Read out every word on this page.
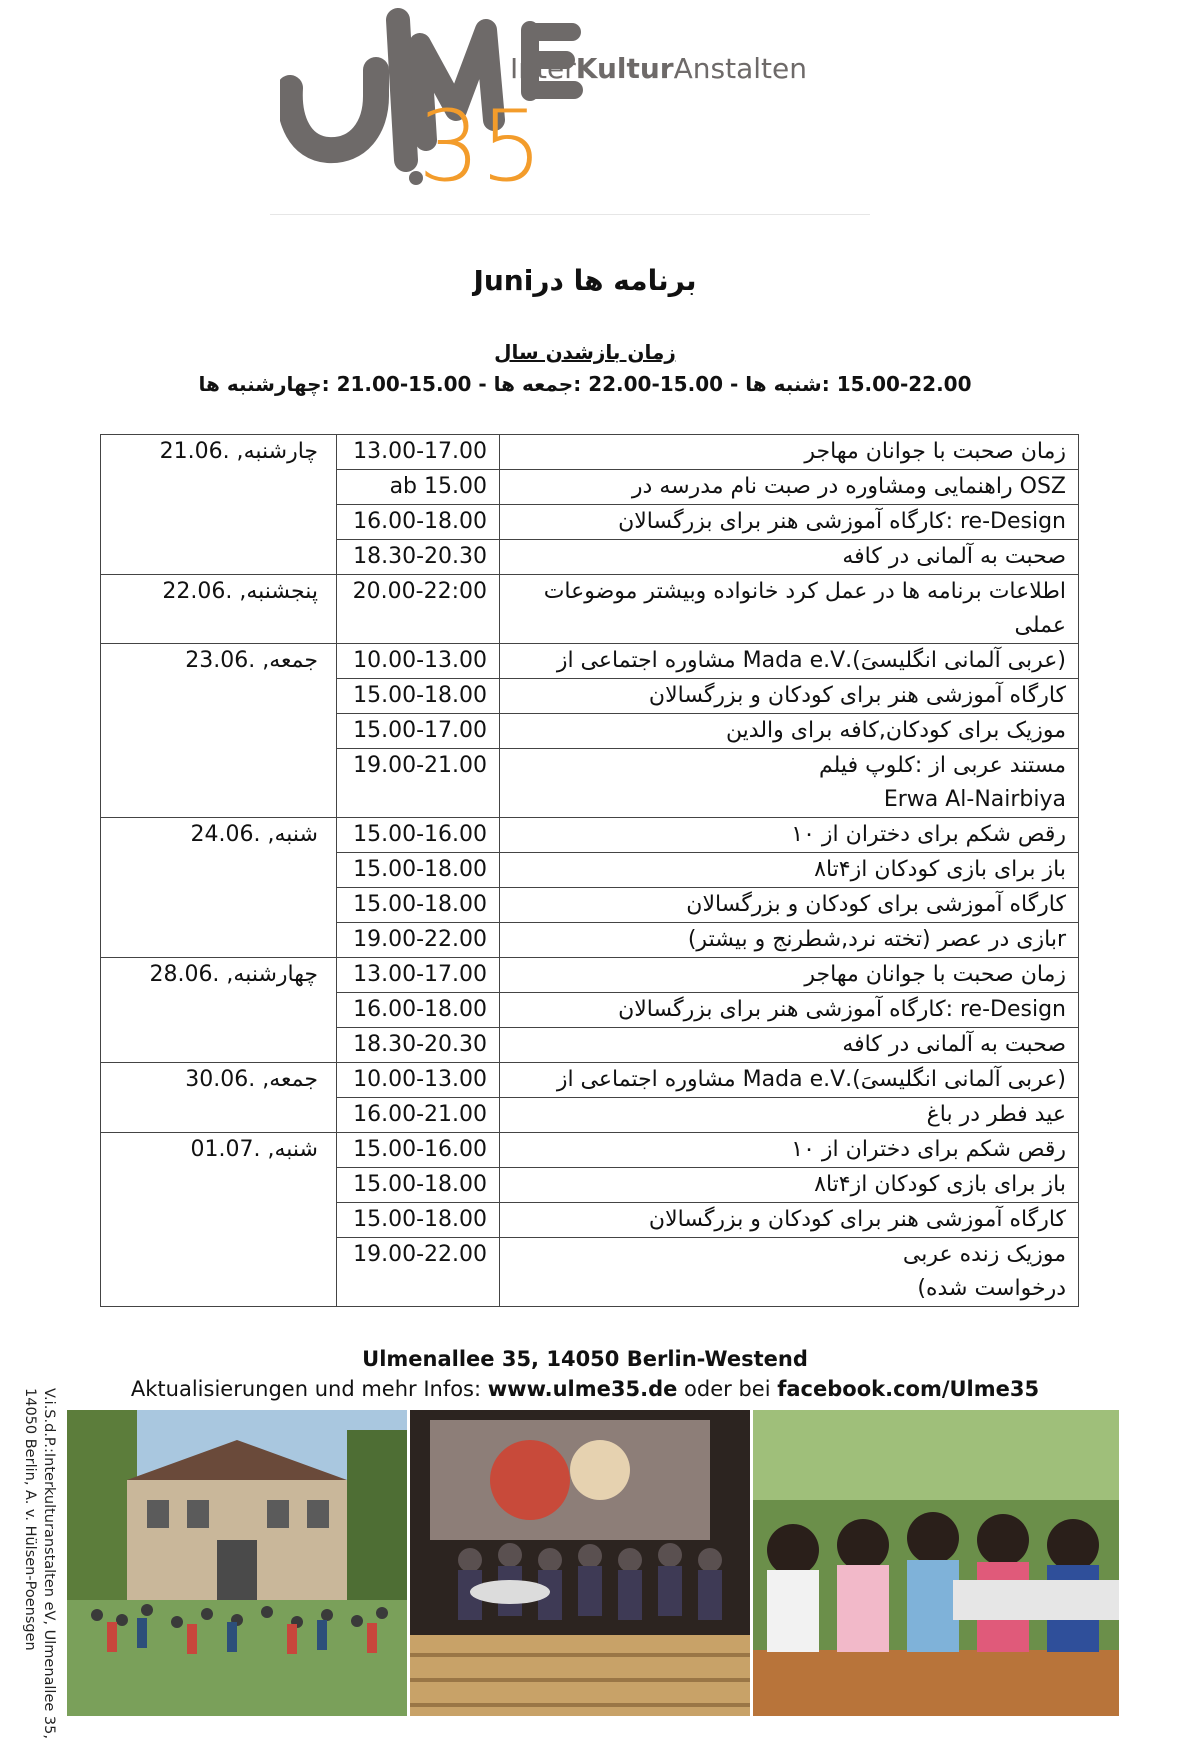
35
InterKulturAnstalten
برنامه ها درJuni
زمان بازشدن سال
15.00-22.00 :شنبه ها - 15.00-22.00 :جمعه ها - 15.00-21.00 :چهارشنبه ها
21.06. ,چارشنبه	13.00-17.00	زمان صحبت با جوانان مهاجر

	ab 15.00	OSZ راهنمایی ومشاوره در صبت نام مدرسه در

	16.00-18.00	re-Design :کارگاه آموزشی هنر برای بزرگسالان

	18.30-20.30	صحبت به آلمانی در کافه

22.06. ,پنجشنبه	20.00-22:00	اطلاعات برنامه ها در عمل کرد خانواده وبیشتر موضوعات عملی

23.06. ,جمعه	10.00-13.00	(عربی آلمانی انگلیسیَ).Mada e.V مشاوره اجتماعی از

	15.00-18.00	کارگاه آموزشی هنر برای کودکان و بزرگسالان

	15.00-17.00	موزیک برای کودکان,کافه برای والدین

	19.00-21.00	مستند عربی از :کلوپ فیلم
Erwa Al-Nairbiya

24.06. ,شنبه	15.00-16.00	رقص شکم برای دختران از ۱۰

	15.00-18.00	باز برای بازی کودکان از۴تا۸

	15.00-18.00	کارگاه آموزشی برای کودکان و بزرگسالان

	19.00-22.00	rبازی در عصر (تخته نرد,شطرنج و بیشتر)

28.06. ,چهارشنبه	13.00-17.00	زمان صحبت با جوانان مهاجر

	16.00-18.00	re-Design :کارگاه آموزشی هنر برای بزرگسالان

	18.30-20.30	صحبت به آلمانی در کافه

30.06. ,جمعه	10.00-13.00	(عربی آلمانی انگلیسیَ).Mada e.V مشاوره اجتماعی از

	16.00-21.00	عید فطر در باغ

01.07. ,شنبه	15.00-16.00	رقص شکم برای دختران از ۱۰

	15.00-18.00	باز برای بازی کودکان از۴تا۸

	15.00-18.00	کارگاه آموزشی هنر برای کودکان و بزرگسالان

	19.00-22.00	موزیک زنده عربی
درخواست شده)
Ulmenallee 35, 14050 Berlin-Westend
Aktualisierungen und mehr Infos: www.ulme35.de oder bei facebook.com/Ulme35
V.i.S.d.P.:Interkulturanstalten eV, Ulmenallee 35,
14050 Berlin, A. v. Hülsen-Poensgen
